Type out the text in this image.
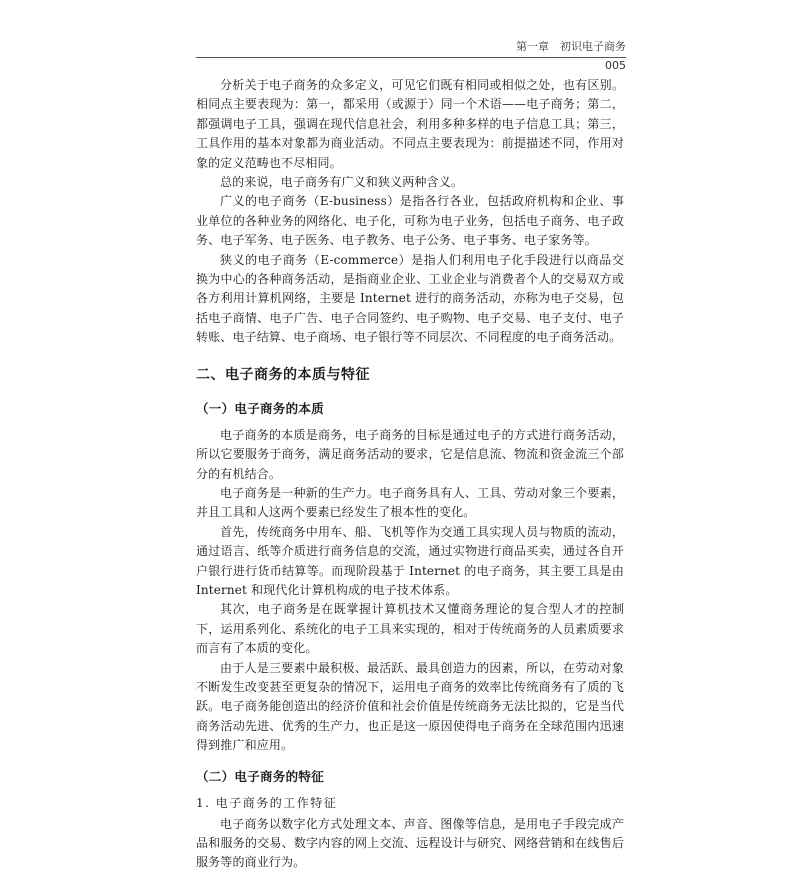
第一章　初识电子商务
005

分析关于电子商务的众多定义，可见它们既有相同或相似之处，也有区别。相同点主要表现为：第一，都采用（或源于）同一个术语——电子商务；第二，都强调电子工具，强调在现代信息社会，利用多种多样的电子信息工具；第三，工具作用的基本对象都为商业活动。不同点主要表现为：前提描述不同，作用对象的定义范畴也不尽相同。

总的来说，电子商务有广义和狭义两种含义。

广义的电子商务（E-business）是指各行各业，包括政府机构和企业、事业单位的各种业务的网络化、电子化，可称为电子业务，包括电子商务、电子政务、电子军务、电子医务、电子教务、电子公务、电子事务、电子家务等。

狭义的电子商务（E-commerce）是指人们利用电子化手段进行以商品交换为中心的各种商务活动，是指商业企业、工业企业与消费者个人的交易双方或各方利用计算机网络，主要是 Internet 进行的商务活动，亦称为电子交易，包括电子商情、电子广告、电子合同签约、电子购物、电子交易、电子支付、电子转账、电子结算、电子商场、电子银行等不同层次、不同程度的电子商务活动。

二、电子商务的本质与特征
（一）电子商务的本质

电子商务的本质是商务，电子商务的目标是通过电子的方式进行商务活动，所以它要服务于商务，满足商务活动的要求，它是信息流、物流和资金流三个部分的有机结合。

电子商务是一种新的生产力。电子商务具有人、工具、劳动对象三个要素，并且工具和人这两个要素已经发生了根本性的变化。

首先，传统商务中用车、船、飞机等作为交通工具实现人员与物质的流动，通过语言、纸等介质进行商务信息的交流，通过实物进行商品买卖，通过各自开户银行进行货币结算等。而现阶段基于 Internet 的电子商务，其主要工具是由 Internet 和现代化计算机构成的电子技术体系。

其次，电子商务是在既掌握计算机技术又懂商务理论的复合型人才的控制下，运用系列化、系统化的电子工具来实现的，相对于传统商务的人员素质要求而言有了本质的变化。

由于人是三要素中最积极、最活跃、最具创造力的因素，所以，在劳动对象不断发生改变甚至更复杂的情况下，运用电子商务的效率比传统商务有了质的飞跃。电子商务能创造出的经济价值和社会价值是传统商务无法比拟的，它是当代商务活动先进、优秀的生产力，也正是这一原因使得电子商务在全球范围内迅速得到推广和应用。

（二）电子商务的特征

1. 电子商务的工作特征

电子商务以数字化方式处理文本、声音、图像等信息，是用电子手段完成产品和服务的交易、数字内容的网上交流、远程设计与研究、网络营销和在线售后服务等的商业行为。
